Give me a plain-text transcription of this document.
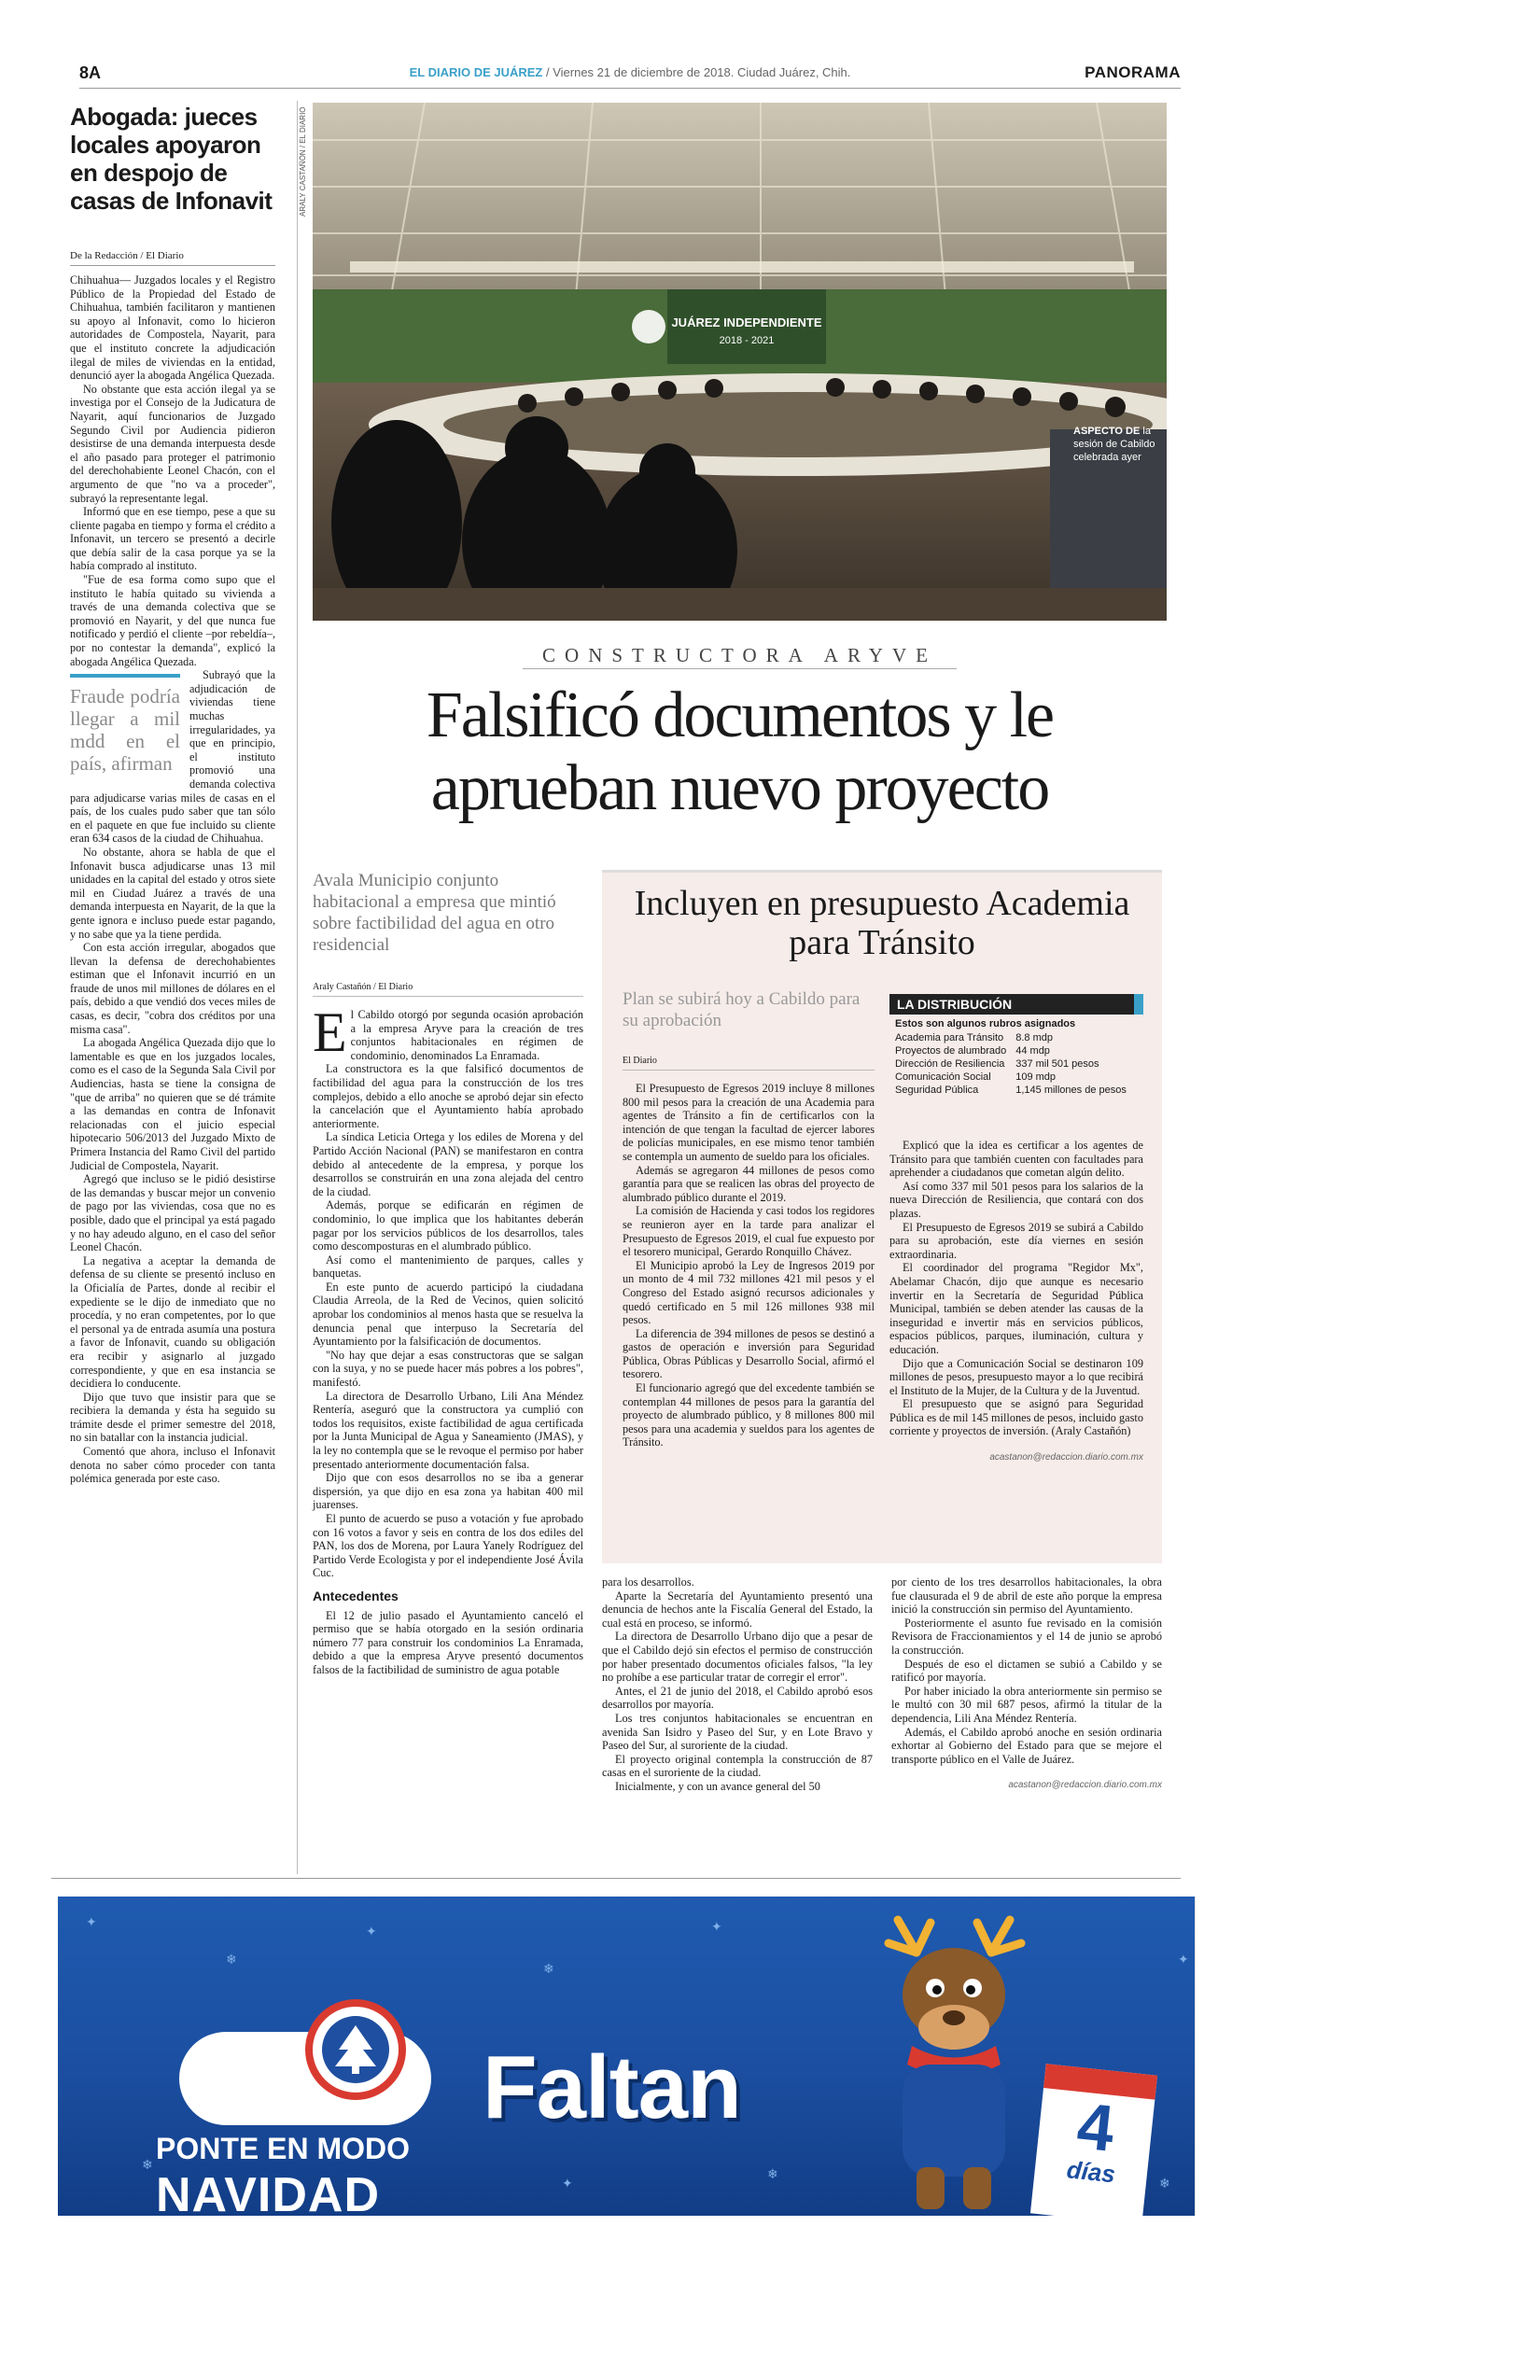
8A	EL DIARIO DE JUÁREZ / Viernes 21 de diciembre de 2018. Ciudad Juárez, Chih.	PANORAMA
Abogada: jueces locales apoyaron en despojo de casas de Infonavit
De la Redacción / El Diario

Chihuahua— Juzgados locales y el Registro Público de la Propiedad del Estado de Chihuahua, también facilitaron y mantienen su apoyo al Infonavit, como lo hicieron autoridades de Compostela, Nayarit, para que el instituto concrete la adjudicación ilegal de miles de viviendas en la entidad, denunció ayer la abogada Angélica Quezada.

No obstante que esta acción ilegal ya se investiga por el Consejo de la Judicatura de Nayarit, aquí funcionarios de Juzgado Segundo Civil por Audiencia pidieron desistirse de una demanda interpuesta desde el año pasado para proteger el patrimonio del derechohabiente Leonel Chacón, con el argumento de que "no va a proceder", subrayó la representante legal.

Informó que en ese tiempo, pese a que su cliente pagaba en tiempo y forma el crédito a Infonavit, un tercero se presentó a decirle que debía salir de la casa porque ya se la había comprado al instituto.

"Fue de esa forma como supo que el instituto le había quitado su vivienda a través de una demanda colectiva que se promovió en Nayarit, y del que nunca fue notificado y perdió el cliente –por rebeldía–, por no contestar la demanda", explicó la abogada Angélica Quezada.

Fraude podría llegar a mil mdd en el país, afirman

Subrayó que la adjudicación de viviendas tiene muchas irregularidades, ya que en principio, el instituto promovió una demanda colectiva para adjudicarse varias miles de casas en el país, de los cuales pudo saber que tan sólo en el paquete en que fue incluido su cliente eran 634 casos de la ciudad de Chihuahua.

No obstante, ahora se habla de que el Infonavit busca adjudicarse unas 13 mil unidades en la capital del estado y otros siete mil en Ciudad Juárez a través de una demanda interpuesta en Nayarit, de la que la gente ignora e incluso puede estar pagando, y no sabe que ya la tiene perdida.

Con esta acción irregular, abogados que llevan la defensa de derechohabientes estiman que el Infonavit incurrió en un fraude de unos mil millones de dólares en el país, debido a que vendió dos veces miles de casas, es decir, "cobra dos créditos por una misma casa".

La abogada Angélica Quezada dijo que lo lamentable es que en los juzgados locales, como es el caso de la Segunda Sala Civil por Audiencias, hasta se tiene la consigna de "que de arriba" no quieren que se dé trámite a las demandas en contra de Infonavit relacionadas con el juicio especial hipotecario 506/2013 del Juzgado Mixto de Primera Instancia del Ramo Civil del partido Judicial de Compostela, Nayarit.

Agregó que incluso se le pidió desistirse de las demandas y buscar mejor un convenio de pago por las viviendas, cosa que no es posible, dado que el principal ya está pagado y no hay adeudo alguno, en el caso del señor Leonel Chacón.

La negativa a aceptar la demanda de defensa de su cliente se presentó incluso en la Oficialía de Partes, donde al recibir el expediente se le dijo de inmediato que no procedía, y no eran competentes, por lo que el personal ya de entrada asumía una postura a favor de Infonavit, cuando su obligación era recibir y asignarlo al juzgado correspondiente, y que en esa instancia se decidiera lo conducente.

Dijo que tuvo que insistir para que se recibiera la demanda y ésta ha seguido su trámite desde el primer semestre del 2018, no sin batallar con la instancia judicial.

Comentó que ahora, incluso el Infonavit denota no saber cómo proceder con tanta polémica generada por este caso.

ARALY CASTAÑÓN / EL DIARIO
JUÁREZ INDEPENDIENTE
2018 - 2021
ASPECTO DE la sesión de Cabildo celebrada ayer
CONSTRUCTORA ARYVE
Falsificó documentos y le aprueban nuevo proyecto
Avala Municipio conjunto habitacional a empresa que mintió sobre factibilidad del agua en otro residencial
Araly Castañón / El Diario

El Cabildo otorgó por segunda ocasión aprobación a la empresa Aryve para la creación de tres conjuntos habitacionales en régimen de condominio, denominados La Enramada.

La constructora es la que falsificó documentos de factibilidad del agua para la construcción de los tres complejos, debido a ello anoche se aprobó dejar sin efecto la cancelación que el Ayuntamiento había aprobado anteriormente.

La síndica Leticia Ortega y los ediles de Morena y del Partido Acción Nacional (PAN) se manifestaron en contra debido al antecedente de la empresa, y porque los desarrollos se construirán en una zona alejada del centro de la ciudad.

Además, porque se edificarán en régimen de condominio, lo que implica que los habitantes deberán pagar por los servicios públicos de los desarrollos, tales como descomposturas en el alumbrado público.

Así como el mantenimiento de parques, calles y banquetas.

En este punto de acuerdo participó la ciudadana Claudia Arreola, de la Red de Vecinos, quien solicitó aprobar los condominios al menos hasta que se resuelva la denuncia penal que interpuso la Secretaría del Ayuntamiento por la falsificación de documentos.

"No hay que dejar a esas constructoras que se salgan con la suya, y no se puede hacer más pobres a los pobres", manifestó.

La directora de Desarrollo Urbano, Lili Ana Méndez Rentería, aseguró que la constructora ya cumplió con todos los requisitos, existe factibilidad de agua certificada por la Junta Municipal de Agua y Saneamiento (JMAS), y la ley no contempla que se le revoque el permiso por haber presentado anteriormente documentación falsa.

Dijo que con esos desarrollos no se iba a generar dispersión, ya que dijo en esa zona ya habitan 400 mil juarenses.

El punto de acuerdo se puso a votación y fue aprobado con 16 votos a favor y seis en contra de los dos ediles del PAN, los dos de Morena, por Laura Yanely Rodríguez del Partido Verde Ecologista y por el independiente José Ávila Cuc.

Antecedentes

El 12 de julio pasado el Ayuntamiento canceló el permiso que se había otorgado en la sesión ordinaria número 77 para construir los condominios La Enramada, debido a que la empresa Aryve presentó documentos falsos de la factibilidad de suministro de agua potable

para los desarrollos.

Aparte la Secretaría del Ayuntamiento presentó una denuncia de hechos ante la Fiscalía General del Estado, la cual está en proceso, se informó.

La directora de Desarrollo Urbano dijo que a pesar de que el Cabildo dejó sin efectos el permiso de construcción por haber presentado documentos oficiales falsos, "la ley no prohíbe a ese particular tratar de corregir el error".

Antes, el 21 de junio del 2018, el Cabildo aprobó esos desarrollos por mayoría.

Los tres conjuntos habitacionales se encuentran en avenida San Isidro y Paseo del Sur, y en Lote Bravo y Paseo del Sur, al suroriente de la ciudad.

El proyecto original contempla la construcción de 87 casas en el suroriente de la ciudad.

Inicialmente, y con un avance general del 50

por ciento de los tres desarrollos habitacionales, la obra fue clausurada el 9 de abril de este año porque la empresa inició la construcción sin permiso del Ayuntamiento.

Posteriormente el asunto fue revisado en la comisión Revisora de Fraccionamientos y el 14 de junio se aprobó la construcción.

Después de eso el dictamen se subió a Cabildo y se ratificó por mayoría.

Por haber iniciado la obra anteriormente sin permiso se le multó con 30 mil 687 pesos, afirmó la titular de la dependencia, Lili Ana Méndez Rentería.

Además, el Cabildo aprobó anoche en sesión ordinaria exhortar al Gobierno del Estado para que se mejore el transporte público en el Valle de Juárez.

acastanon@redaccion.diario.com.mx

Incluyen en presupuesto Academia para Tránsito
Plan se subirá hoy a Cabildo para su aprobación
El Diario

El Presupuesto de Egresos 2019 incluye 8 millones 800 mil pesos para la creación de una Academia para agentes de Tránsito a fin de certificarlos con la intención de que tengan la facultad de ejercer labores de policías municipales, en ese mismo tenor también se contempla un aumento de sueldo para los oficiales.

Además se agregaron 44 millones de pesos como garantía para que se realicen las obras del proyecto de alumbrado público durante el 2019.

La comisión de Hacienda y casi todos los regidores se reunieron ayer en la tarde para analizar el Presupuesto de Egresos 2019, el cual fue expuesto por el tesorero municipal, Gerardo Ronquillo Chávez.

El Municipio aprobó la Ley de Ingresos 2019 por un monto de 4 mil 732 millones 421 mil pesos y el Congreso del Estado asignó recursos adicionales y quedó certificado en 5 mil 126 millones 938 mil pesos.

La diferencia de 394 millones de pesos se destinó a gastos de operación e inversión para Seguridad Pública, Obras Públicas y Desarrollo Social, afirmó el tesorero.

El funcionario agregó que del excedente también se contemplan 44 millones de pesos para la garantía del proyecto de alumbrado público, y 8 millones 800 mil pesos para una academia y sueldos para los agentes de Tránsito.

LA DISTRIBUCIÓN
Estos son algunos rubros asignados
Academia para Tránsito	8.8 mdp
Proyectos de alumbrado	44 mdp
Dirección de Resiliencia	337 mil 501 pesos
Comunicación Social	109 mdp
Seguridad Pública	1,145 millones de pesos

Explicó que la idea es certificar a los agentes de Tránsito para que también cuenten con facultades para aprehender a ciudadanos que cometan algún delito.

Así como 337 mil 501 pesos para los salarios de la nueva Dirección de Resiliencia, que contará con dos plazas.

El Presupuesto de Egresos 2019 se subirá a Cabildo para su aprobación, este día viernes en sesión extraordinaria.

El coordinador del programa "Regidor Mx", Abelamar Chacón, dijo que aunque es necesario invertir en la Secretaría de Seguridad Pública Municipal, también se deben atender las causas de la inseguridad e invertir más en servicios públicos, espacios públicos, parques, iluminación, cultura y educación.

Dijo que a Comunicación Social se destinaron 109 millones de pesos, presupuesto mayor a lo que recibirá el Instituto de la Mujer, de la Cultura y de la Juventud.

El presupuesto que se asignó para Seguridad Pública es de mil 145 millones de pesos, incluido gasto corriente y proyectos de inversión. (Araly Castañón)

acastanon@redaccion.diario.com.mx

✦
❄
✦
❄
✦
❄
✦
❄
✦
❄
PONTE EN MODO
NAVIDAD
Faltan	4
días
